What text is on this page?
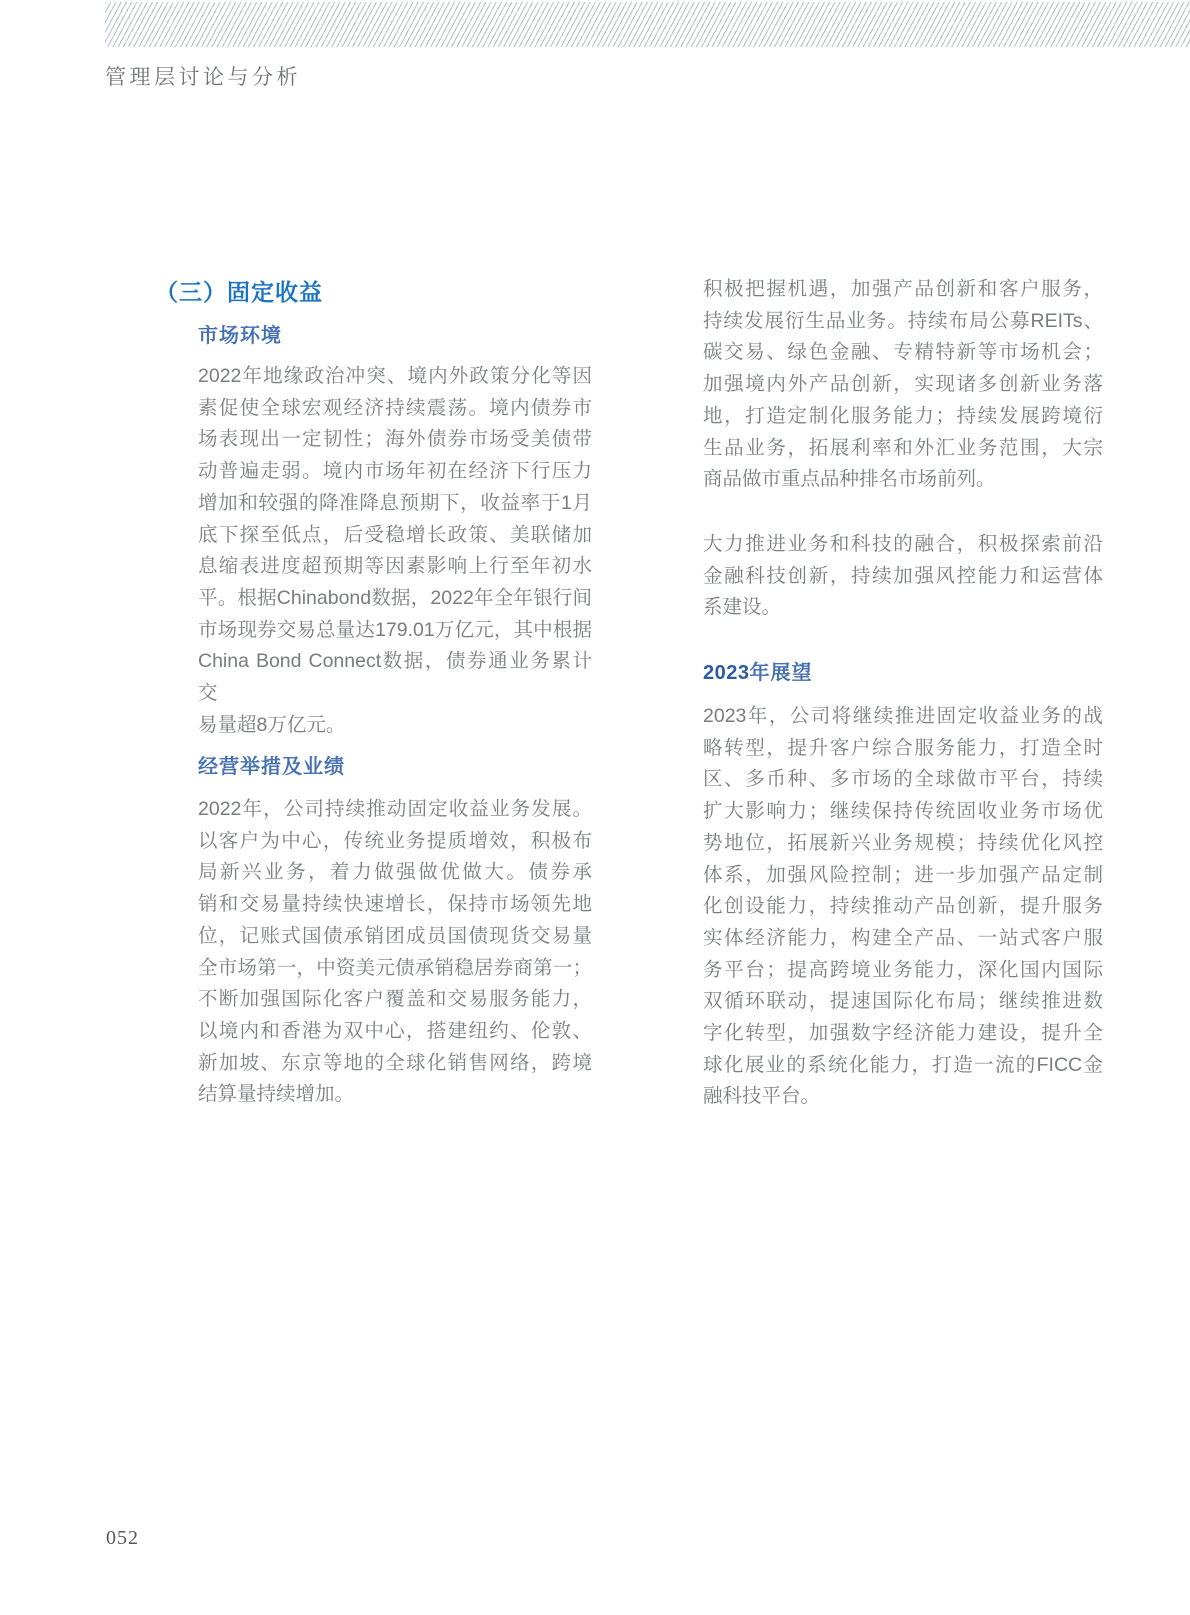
管理层讨论与分析
（三）固定收益
市场环境
2022年地缘政治冲突、境内外政策分化等因
素促使全球宏观经济持续震荡。境内债券市
场表现出一定韧性；海外债券市场受美债带
动普遍走弱。境内市场年初在经济下行压力
增加和较强的降准降息预期下，收益率于1月
底下探至低点，后受稳增长政策、美联储加
息缩表进度超预期等因素影响上行至年初水
平。根据Chinabond数据，2022年全年银行间
市场现券交易总量达179.01万亿元，其中根据
China Bond Connect数据，债券通业务累计交
易量超8万亿元。
经营举措及业绩
2022年，公司持续推动固定收益业务发展。
以客户为中心，传统业务提质增效，积极布
局新兴业务，着力做强做优做大。债券承
销和交易量持续快速增长，保持市场领先地
位，记账式国债承销团成员国债现货交易量
全市场第一，中资美元债承销稳居券商第一；
不断加强国际化客户覆盖和交易服务能力，
以境内和香港为双中心，搭建纽约、伦敦、
新加坡、东京等地的全球化销售网络，跨境
结算量持续增加。
积极把握机遇，加强产品创新和客户服务，
持续发展衍生品业务。持续布局公募REITs、
碳交易、绿色金融、专精特新等市场机会；
加强境内外产品创新，实现诸多创新业务落
地，打造定制化服务能力；持续发展跨境衍
生品业务，拓展利率和外汇业务范围，大宗
商品做市重点品种排名市场前列。
大力推进业务和科技的融合，积极探索前沿
金融科技创新，持续加强风控能力和运营体
系建设。
2023年展望
2023年，公司将继续推进固定收益业务的战
略转型，提升客户综合服务能力，打造全时
区、多币种、多市场的全球做市平台，持续
扩大影响力；继续保持传统固收业务市场优
势地位，拓展新兴业务规模；持续优化风控
体系，加强风险控制；进一步加强产品定制
化创设能力，持续推动产品创新，提升服务
实体经济能力，构建全产品、一站式客户服
务平台；提高跨境业务能力，深化国内国际
双循环联动，提速国际化布局；继续推进数
字化转型，加强数字经济能力建设，提升全
球化展业的系统化能力，打造一流的FICC金
融科技平台。
052
